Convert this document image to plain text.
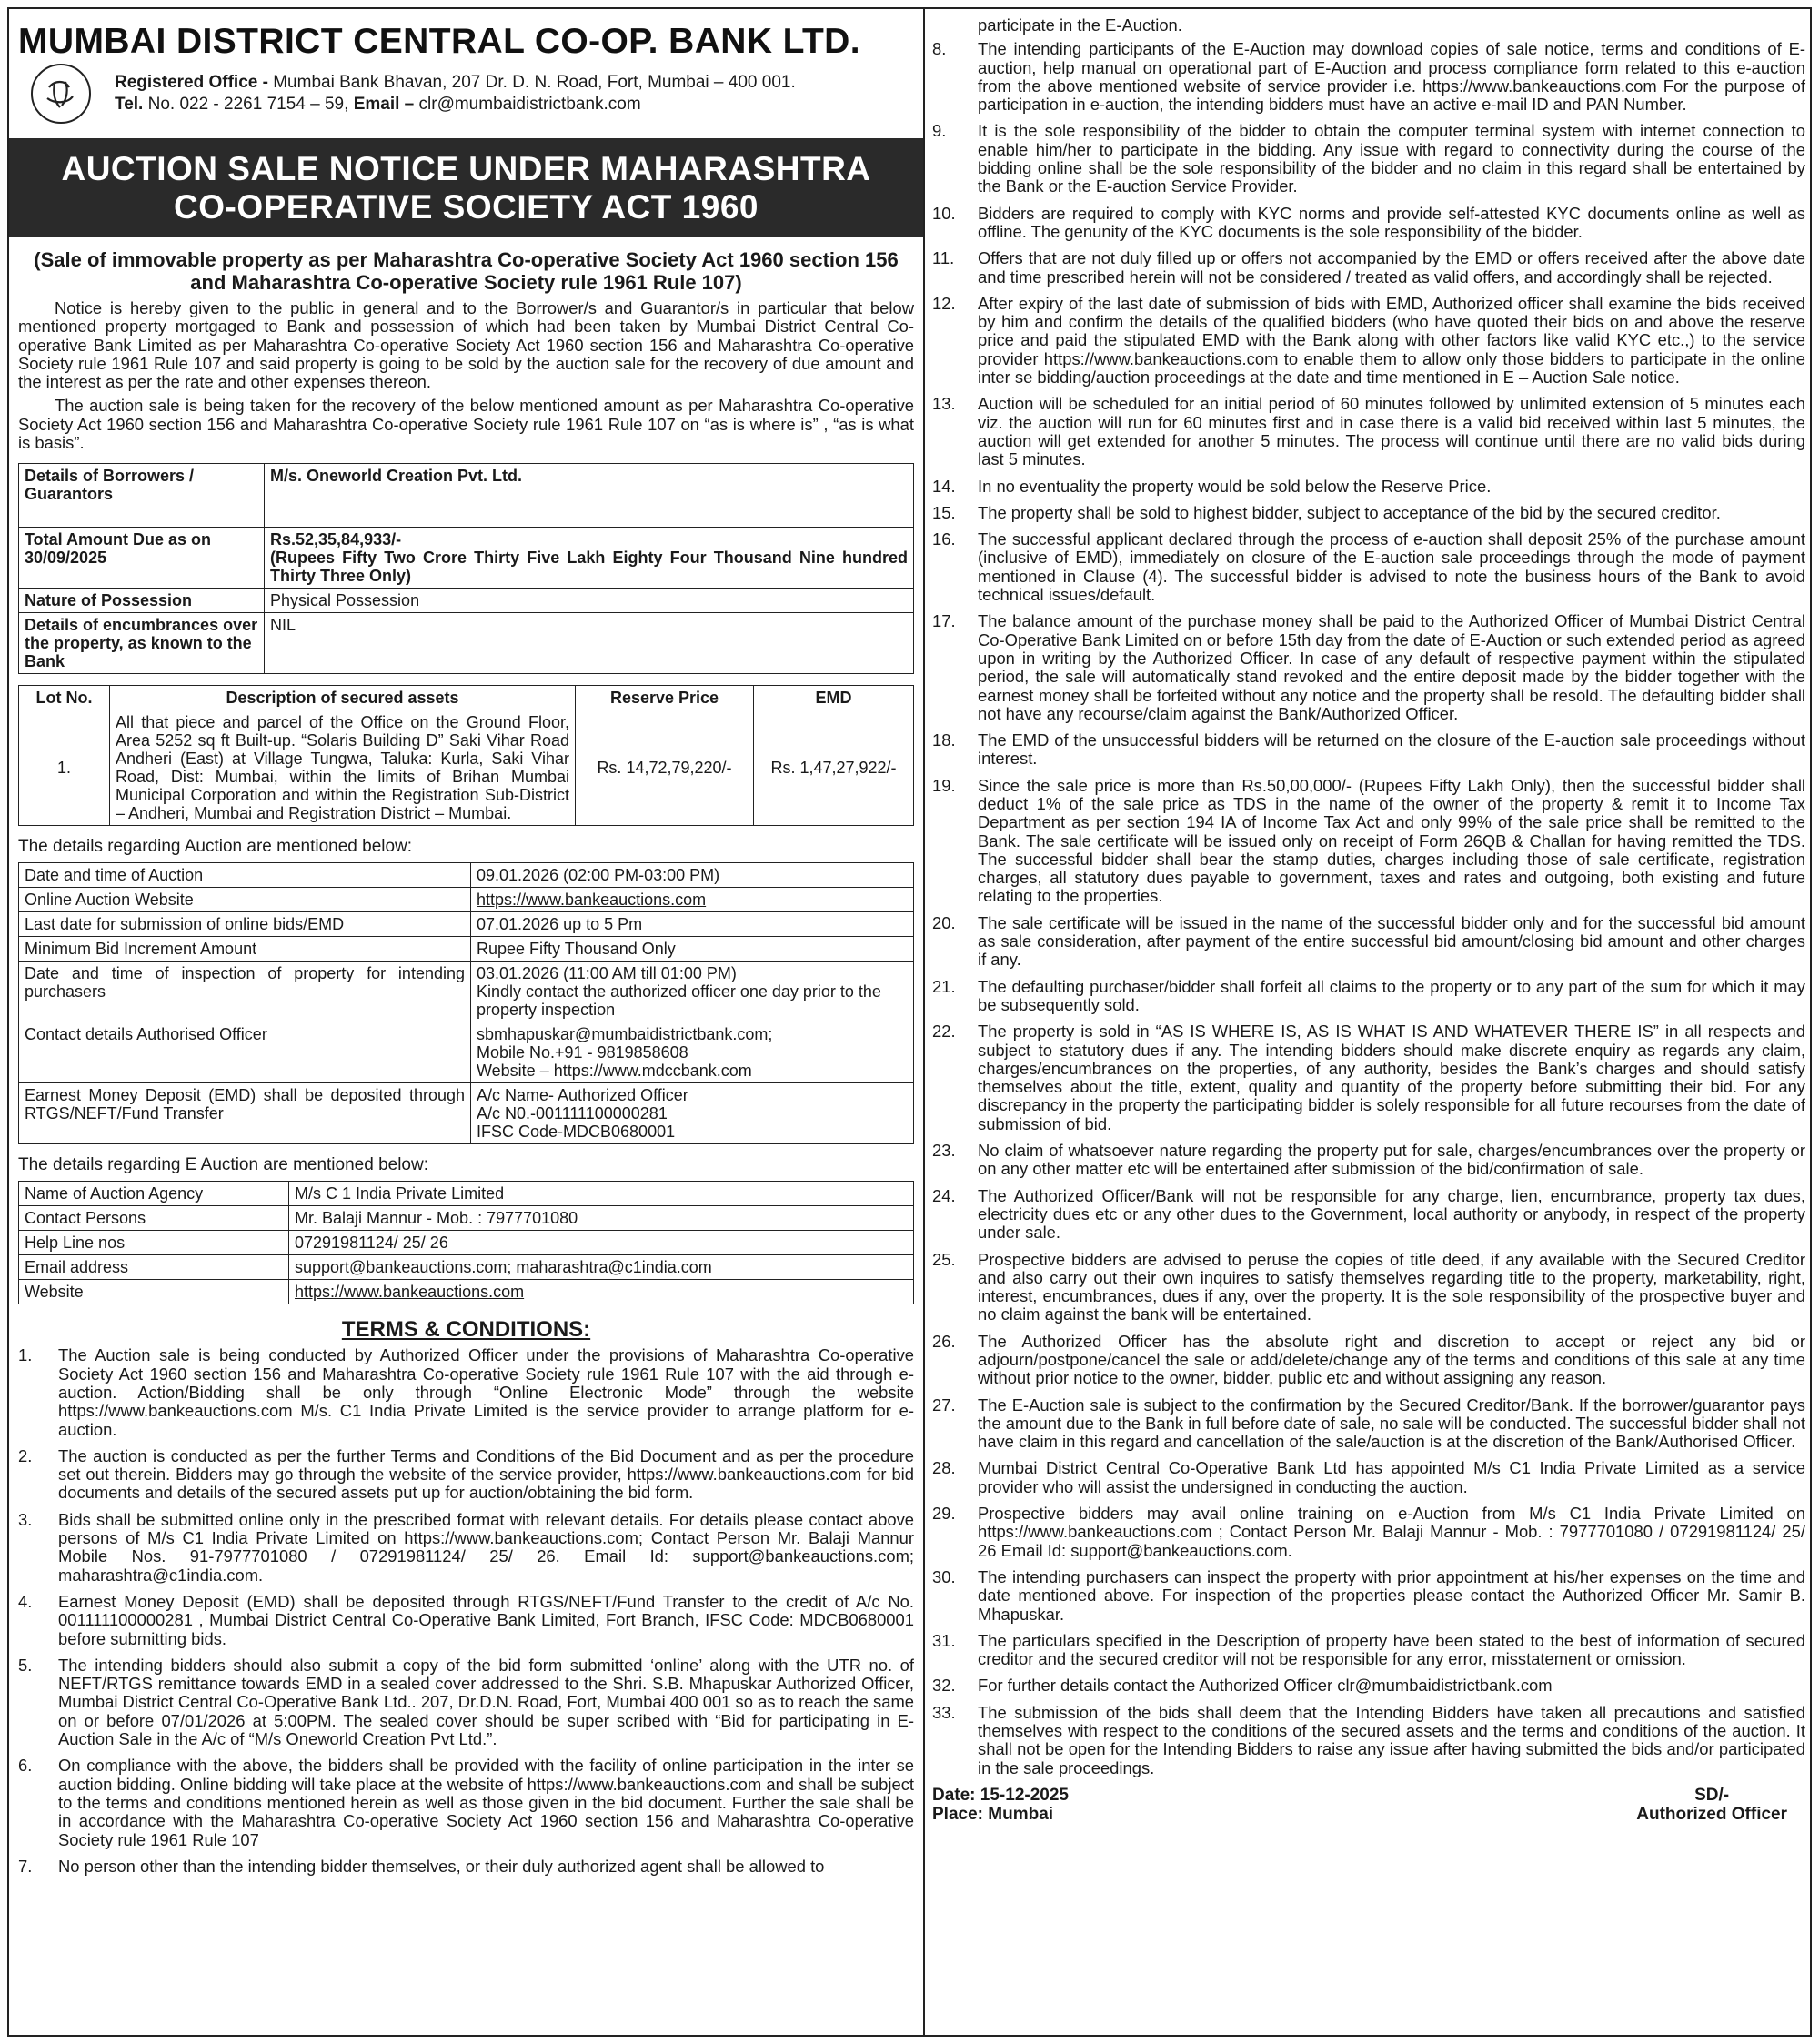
MUMBAI DISTRICT CENTRAL CO-OP. BANK LTD.
Registered Office - Mumbai Bank Bhavan, 207 Dr. D. N. Road, Fort, Mumbai – 400 001.
Tel. No. 022 - 2261 7154 – 59, Email – clr@mumbaidistrictbank.com
AUCTION SALE NOTICE UNDER MAHARASHTRA
CO-OPERATIVE SOCIETY ACT 1960
(Sale of immovable property as per Maharashtra Co-operative Society Act 1960 section 156 and Maharashtra Co-operative Society rule 1961 Rule 107)

Notice is hereby given to the public in general and to the Borrower/s and Guarantor/s in particular that below mentioned property mortgaged to Bank and possession of which had been taken by Mumbai District Central Co-operative Bank Limited as per Maharashtra Co-operative Society Act 1960 section 156 and Maharashtra Co-operative Society rule 1961 Rule 107 and said property is going to be sold by the auction sale for the recovery of due amount and the interest as per the rate and other expenses thereon.

The auction sale is being taken for the recovery of the below mentioned amount as per Maharashtra Co-operative Society Act 1960 section 156 and Maharashtra Co-operative Society rule 1961 Rule 107 on “as is where is” , “as is what is basis”.

Details of Borrowers / Guarantors	M/s. Oneworld Creation Pvt. Ltd.
Total Amount Due as on 30/09/2025	Rs.52,35,84,933/-
(Rupees Fifty Two Crore Thirty Five Lakh Eighty Four Thousand Nine hundred Thirty Three Only)

Nature of Possession	Physical Possession
Details of encumbrances over the property, as known to the Bank	NIL
Lot No.	Description of secured assets	Reserve Price	EMD
1.	All that piece and parcel of the Office on the Ground Floor, Area 5252 sq ft Built-up. “Solaris Building D” Saki Vihar Road Andheri (East) at Village Tungwa, Taluka: Kurla, Saki Vihar Road, Dist: Mumbai, within the limits of Brihan Mumbai Municipal Corporation and within the Registration Sub-District – Andheri, Mumbai and Registration District – Mumbai.	Rs. 14,72,79,220/-	Rs. 1,47,27,922/-
The details regarding Auction are mentioned below:
Date and time of Auction	09.01.2026 (02:00 PM-03:00 PM)
Online Auction Website	https://www.bankeauctions.com
Last date for submission of online bids/EMD	07.01.2026 up to 5 Pm
Minimum Bid Increment Amount	Rupee Fifty Thousand Only
Date and time of inspection of property for intending purchasers	03.01.2026 (11:00 AM till 01:00 PM)
Kindly contact the authorized officer one day prior to the property inspection

Contact details Authorised Officer	sbmhapuskar@mumbaidistrictbank.com;
Mobile No.+91 - 9819858608
Website – https://www.mdccbank.com

Earnest Money Deposit (EMD) shall be deposited through RTGS/NEFT/Fund Transfer	A/c Name- Authorized Officer
A/c N0.-001111100000281
IFSC Code-MDCB0680001
The details regarding E Auction are mentioned below:
Name of Auction Agency	M/s C 1 India Private Limited
Contact Persons	Mr. Balaji Mannur - Mob. : 7977701080
Help Line nos	07291981124/ 25/ 26
Email address	support@bankeauctions.com; maharashtra@c1india.com
Website	https://www.bankeauctions.com
TERMS & CONDITIONS:
1.	The Auction sale is being conducted by Authorized Officer under the provisions of Maharashtra Co-operative Society Act 1960 section 156 and Maharashtra Co-operative Society rule 1961 Rule 107 with the aid through e-auction. Action/Bidding shall be only through “Online Electronic Mode” through the website https://www.bankeauctions.com M/s. C1 India Private Limited is the service provider to arrange platform for e-auction.
2.	The auction is conducted as per the further Terms and Conditions of the Bid Document and as per the procedure set out therein. Bidders may go through the website of the service provider, https://www.bankeauctions.com for bid documents and details of the secured assets put up for auction/obtaining the bid form.
3.	Bids shall be submitted online only in the prescribed format with relevant details. For details please contact above persons of M/s C1 India Private Limited on https://www.bankeauctions.com; Contact Person Mr. Balaji Mannur Mobile Nos. 91-7977701080 / 07291981124/ 25/ 26. Email Id: support@bankeauctions.com; maharashtra@c1india.com.
4.	Earnest Money Deposit (EMD) shall be deposited through RTGS/NEFT/Fund Transfer to the credit of A/c No. 001111100000281 , Mumbai District Central Co-Operative Bank Limited, Fort Branch, IFSC Code: MDCB0680001 before submitting bids.
5.	The intending bidders should also submit a copy of the bid form submitted ‘online’ along with the UTR no. of NEFT/RTGS remittance towards EMD in a sealed cover addressed to the Shri. S.B. Mhapuskar Authorized Officer, Mumbai District Central Co-Operative Bank Ltd.. 207, Dr.D.N. Road, Fort, Mumbai 400 001 so as to reach the same on or before 07/01/2026 at 5:00PM. The sealed cover should be super scribed with “Bid for participating in E-Auction Sale in the A/c of “M/s Oneworld Creation Pvt Ltd.”.
6.	On compliance with the above, the bidders shall be provided with the facility of online participation in the inter se auction bidding. Online bidding will take place at the website of https://www.bankeauctions.com and shall be subject to the terms and conditions mentioned herein as well as those given in the bid document. Further the sale shall be in accordance with the Maharashtra Co-operative Society Act 1960 section 156 and Maharashtra Co-operative Society rule 1961 Rule 107
7.	No person other than the intending bidder themselves, or their duly authorized agent shall be allowed to
participate in the E-Auction.
8.	The intending participants of the E-Auction may download copies of sale notice, terms and conditions of E-auction, help manual on operational part of E-Auction and process compliance form related to this e-auction from the above mentioned website of service provider i.e. https://www.bankeauctions.com For the purpose of participation in e-auction, the intending bidders must have an active e-mail ID and PAN Number.
9.	It is the sole responsibility of the bidder to obtain the computer terminal system with internet connection to enable him/her to participate in the bidding. Any issue with regard to connectivity during the course of the bidding online shall be the sole responsibility of the bidder and no claim in this regard shall be entertained by the Bank or the E-auction Service Provider.
10.	Bidders are required to comply with KYC norms and provide self-attested KYC documents online as well as offline. The genunity of the KYC documents is the sole responsibility of the bidder.
11.	Offers that are not duly filled up or offers not accompanied by the EMD or offers received after the above date and time prescribed herein will not be considered / treated as valid offers, and accordingly shall be rejected.
12.	After expiry of the last date of submission of bids with EMD, Authorized officer shall examine the bids received by him and confirm the details of the qualified bidders (who have quoted their bids on and above the reserve price and paid the stipulated EMD with the Bank along with other factors like valid KYC etc.,) to the service provider https://www.bankeauctions.com to enable them to allow only those bidders to participate in the online inter se bidding/auction proceedings at the date and time mentioned in E – Auction Sale notice.
13.	Auction will be scheduled for an initial period of 60 minutes followed by unlimited extension of 5 minutes each viz. the auction will run for 60 minutes first and in case there is a valid bid received within last 5 minutes, the auction will get extended for another 5 minutes. The process will continue until there are no valid bids during last 5 minutes.
14.	In no eventuality the property would be sold below the Reserve Price.
15.	The property shall be sold to highest bidder, subject to acceptance of the bid by the secured creditor.
16.	The successful applicant declared through the process of e-auction shall deposit 25% of the purchase amount (inclusive of EMD), immediately on closure of the E-auction sale proceedings through the mode of payment mentioned in Clause (4). The successful bidder is advised to note the business hours of the Bank to avoid technical issues/default.
17.	The balance amount of the purchase money shall be paid to the Authorized Officer of Mumbai District Central Co-Operative Bank Limited on or before 15th day from the date of E-Auction or such extended period as agreed upon in writing by the Authorized Officer. In case of any default of respective payment within the stipulated period, the sale will automatically stand revoked and the entire deposit made by the bidder together with the earnest money shall be forfeited without any notice and the property shall be resold. The defaulting bidder shall not have any recourse/claim against the Bank/Authorized Officer.
18.	The EMD of the unsuccessful bidders will be returned on the closure of the E-auction sale proceedings without interest.
19.	Since the sale price is more than Rs.50,00,000/- (Rupees Fifty Lakh Only), then the successful bidder shall deduct 1% of the sale price as TDS in the name of the owner of the property & remit it to Income Tax Department as per section 194 IA of Income Tax Act and only 99% of the sale price shall be remitted to the Bank. The sale certificate will be issued only on receipt of Form 26QB & Challan for having remitted the TDS. The successful bidder shall bear the stamp duties, charges including those of sale certificate, registration charges, all statutory dues payable to government, taxes and rates and outgoing, both existing and future relating to the properties.
20.	The sale certificate will be issued in the name of the successful bidder only and for the successful bid amount as sale consideration, after payment of the entire successful bid amount/closing bid amount and other charges if any.
21.	The defaulting purchaser/bidder shall forfeit all claims to the property or to any part of the sum for which it may be subsequently sold.
22.	The property is sold in “AS IS WHERE IS, AS IS WHAT IS AND WHATEVER THERE IS” in all respects and subject to statutory dues if any. The intending bidders should make discrete enquiry as regards any claim, charges/encumbrances on the properties, of any authority, besides the Bank’s charges and should satisfy themselves about the title, extent, quality and quantity of the property before submitting their bid. For any discrepancy in the property the participating bidder is solely responsible for all future recourses from the date of submission of bid.
23.	No claim of whatsoever nature regarding the property put for sale, charges/encumbrances over the property or on any other matter etc will be entertained after submission of the bid/confirmation of sale.
24.	The Authorized Officer/Bank will not be responsible for any charge, lien, encumbrance, property tax dues, electricity dues etc or any other dues to the Government, local authority or anybody, in respect of the property under sale.
25.	Prospective bidders are advised to peruse the copies of title deed, if any available with the Secured Creditor and also carry out their own inquires to satisfy themselves regarding title to the property, marketability, right, interest, encumbrances, dues if any, over the property. It is the sole responsibility of the prospective buyer and no claim against the bank will be entertained.
26.	The Authorized Officer has the absolute right and discretion to accept or reject any bid or adjourn/postpone/cancel the sale or add/delete/change any of the terms and conditions of this sale at any time without prior notice to the owner, bidder, public etc and without assigning any reason.
27.	The E-Auction sale is subject to the confirmation by the Secured Creditor/Bank. If the borrower/guarantor pays the amount due to the Bank in full before date of sale, no sale will be conducted. The successful bidder shall not have claim in this regard and cancellation of the sale/auction is at the discretion of the Bank/Authorised Officer.
28.	Mumbai District Central Co-Operative Bank Ltd has appointed M/s C1 India Private Limited as a service provider who will assist the undersigned in conducting the auction.
29.	Prospective bidders may avail online training on e-Auction from M/s C1 India Private Limited on https://www.bankeauctions.com ; Contact Person Mr. Balaji Mannur - Mob. : 7977701080 / 07291981124/ 25/ 26 Email Id: support@bankeauctions.com.
30.	The intending purchasers can inspect the property with prior appointment at his/her expenses on the time and date mentioned above. For inspection of the properties please contact the Authorized Officer Mr. Samir B. Mhapuskar.
31.	The particulars specified in the Description of property have been stated to the best of information of secured creditor and the secured creditor will not be responsible for any error, misstatement or omission.
32.	For further details contact the Authorized Officer clr@mumbaidistrictbank.com
33.	The submission of the bids shall deem that the Intending Bidders have taken all precautions and satisfied themselves with respect to the conditions of the secured assets and the terms and conditions of the auction. It shall not be open for the Intending Bidders to raise any issue after having submitted the bids and/or participated in the sale proceedings.
Date: 15-12-2025
Place: Mumbai
SD/-
Authorized Officer
